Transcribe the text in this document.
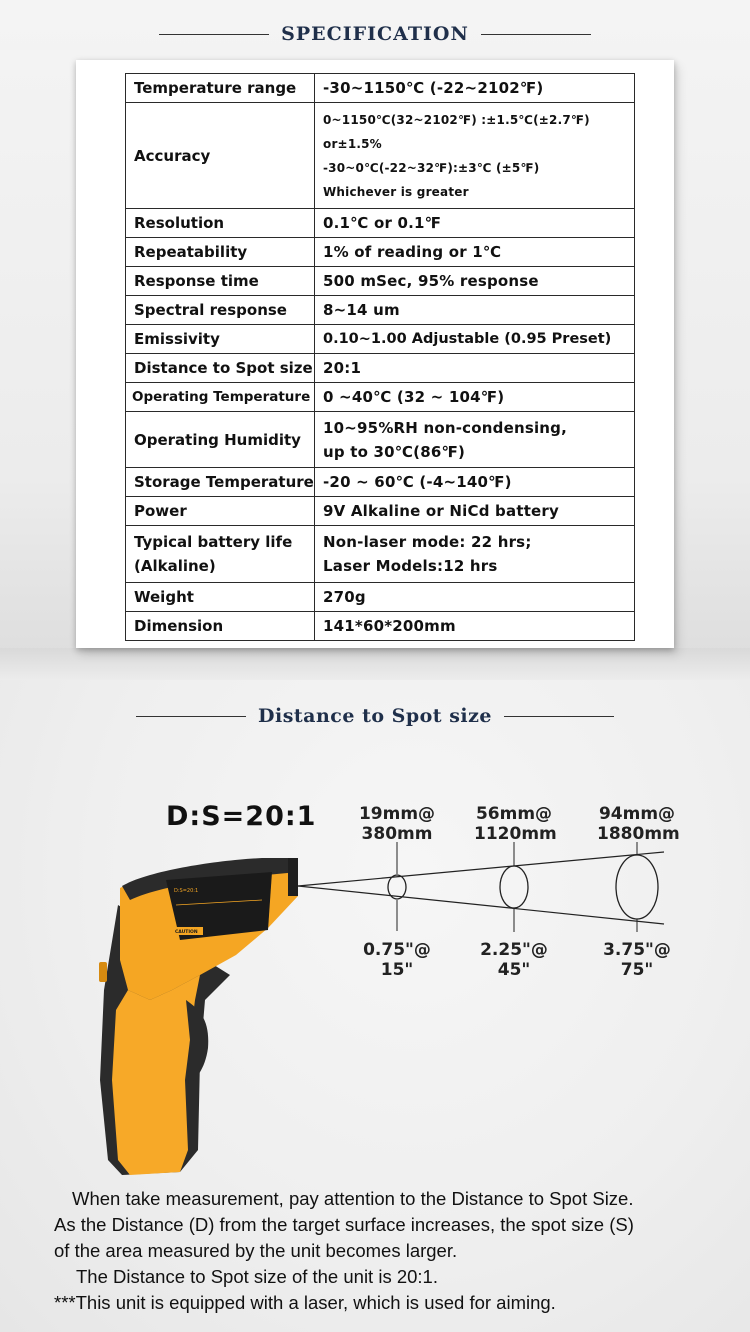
SPECIFICATION
Temperature range	-30~1150℃ (-22~2102℉)
Accuracy	0~1150℃(32~2102℉) :±1.5℃(±2.7℉)
or±1.5%
-30~0℃(-22~32℉):±3℃ (±5℉)
Whichever is greater

Resolution	0.1℃ or 0.1℉
Repeatability	1% of reading or 1℃
Response time	500 mSec, 95% response
Spectral response	8~14 um
Emissivity	0.10~1.00 Adjustable (0.95 Preset)
Distance to Spot size	20:1
Operating Temperature	0 ~40℃ (32 ~ 104℉)
Operating Humidity	10~95%RH non-condensing,
up to 30℃(86℉)

Storage Temperature	-20 ~ 60℃ (-4~140℉)
Power	9V Alkaline or NiCd battery

Typical battery life
(Alkaline)	Non-laser mode: 22 hrs;
Laser Models:12 hrs

Weight	270g
Dimension	141*60*200mm
Distance to Spot size
D:S=20:1
D:S=20:1
CAUTION
19mm@
380mm
56mm@
1120mm
94mm@
1880mm
0.75"@
15"
2.25"@
45"
3.75"@
75"
When take measurement, pay attention to the Distance to Spot Size.
As the Distance (D) from the target surface increases, the spot size (S)
of the area measured by the unit becomes larger.
The Distance to Spot size of the unit is 20:1.
***This unit is equipped with a laser, which is used for aiming.
